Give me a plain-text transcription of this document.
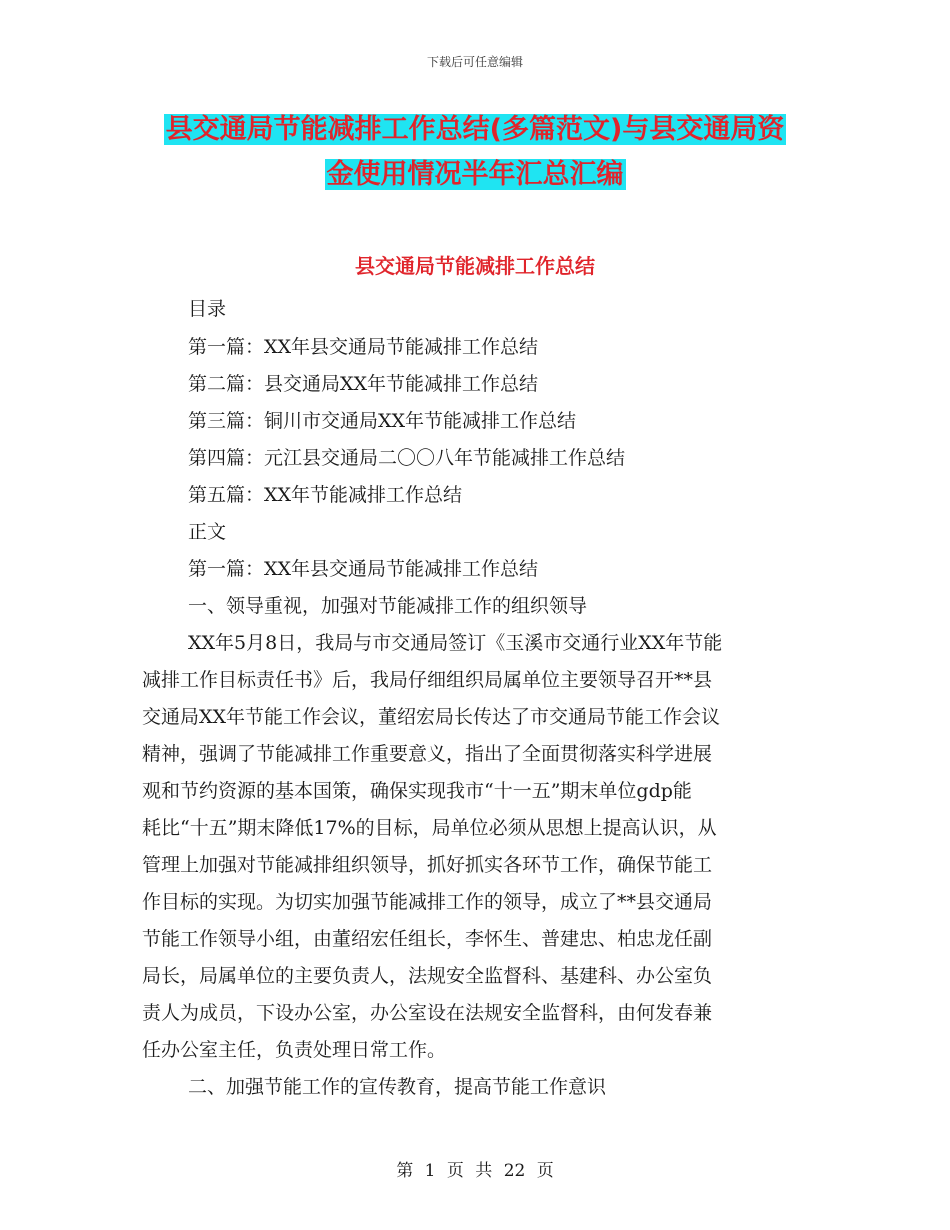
下载后可任意编辑
县交通局节能减排工作总结(多篇范文)与县交通局资
金使用情况半年汇总汇编
县交通局节能减排工作总结
目录
第一篇：XX年县交通局节能减排工作总结
第二篇：县交通局XX年节能减排工作总结
第三篇：铜川市交通局XX年节能减排工作总结
第四篇：元江县交通局二〇〇八年节能减排工作总结
第五篇：XX年节能减排工作总结
正文
第一篇：XX年县交通局节能减排工作总结
一、领导重视，加强对节能减排工作的组织领导
XX年5月8日，我局与市交通局签订《玉溪市交通行业XX年节能
减排工作目标责任书》后，我局仔细组织局属单位主要领导召开**县
交通局XX年节能工作会议，董绍宏局长传达了市交通局节能工作会议
精神，强调了节能减排工作重要意义，指出了全面贯彻落实科学进展
观和节约资源的基本国策，确保实现我市“十一五”期末单位gdp能
耗比“十五”期末降低17%的目标，局单位必须从思想上提高认识，从
管理上加强对节能减排组织领导，抓好抓实各环节工作，确保节能工
作目标的实现。为切实加强节能减排工作的领导，成立了**县交通局
节能工作领导小组，由董绍宏任组长，李怀生、普建忠、柏忠龙任副
局长，局属单位的主要负责人，法规安全监督科、基建科、办公室负
责人为成员，下设办公室，办公室设在法规安全监督科，由何发春兼
任办公室主任，负责处理日常工作。
二、加强节能工作的宣传教育，提高节能工作意识
第 1 页 共 22 页
